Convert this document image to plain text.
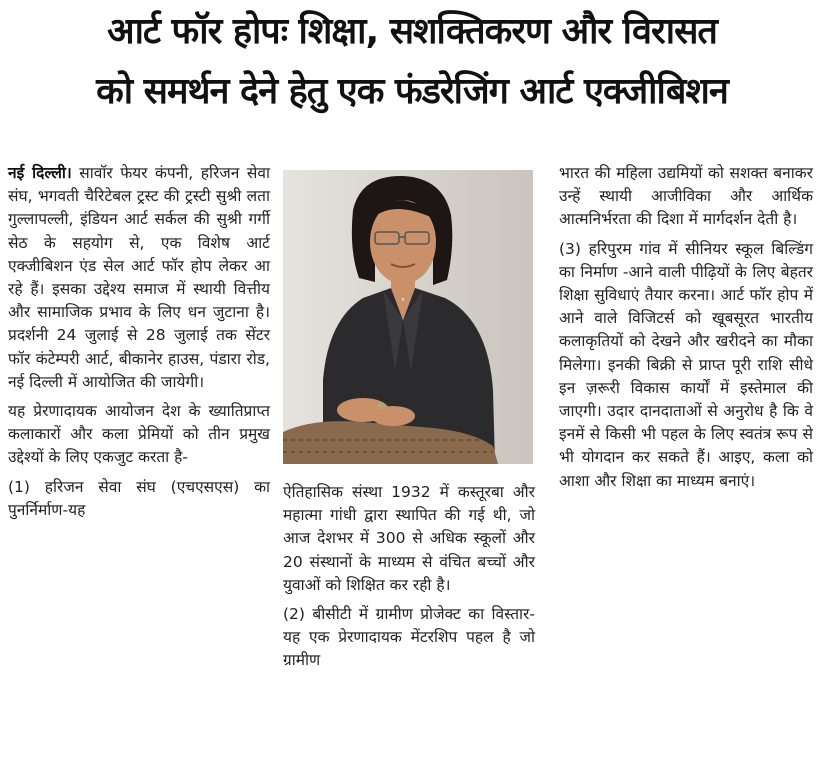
आर्ट फॉर होपः शिक्षा, सशक्तिकरण और विरासत
को समर्थन देने हेतु एक फंडरेजिंग आर्ट एक्जीबिशन

नई दिल्ली। सावॉर फेयर कंपनी, हरिजन सेवा संघ, भगवती चैरिटेबल ट्रस्ट की ट्रस्टी सुश्री लता गुल्लापल्ली, इंडियन आर्ट सर्कल की सुश्री गर्गी सेठ के सहयोग से, एक विशेष आर्ट एक्जीबिशन एंड सेल आर्ट फॉर होप लेकर आ रहे हैं। इसका उद्देश्य समाज में स्थायी वित्तीय और सामाजिक प्रभाव के लिए धन जुटाना है। प्रदर्शनी 24 जुलाई से 28 जुलाई तक सेंटर फॉर कंटेम्परी आर्ट, बीकानेर हाउस, पंडारा रोड, नई दिल्ली में आयोजित की जायेगी।

यह प्रेरणादायक आयोजन देश के ख्यातिप्राप्त कलाकारों और कला प्रेमियों को तीन प्रमुख उद्देश्यों के लिए एकजुट करता है-

(1) हरिजन सेवा संघ (एचएसएस) का पुनर्निर्माण-यह

ऐतिहासिक संस्था 1932 में कस्तूरबा और महात्मा गांधी द्वारा स्थापित की गई थी, जो आज देशभर में 300 से अधिक स्कूलों और 20 संस्थानों के माध्यम से वंचित बच्चों और युवाओं को शिक्षित कर रही है।

(2) बीसीटी में ग्रामीण प्रोजेक्ट का विस्तार-यह एक प्रेरणादायक मेंटरशिप पहल है जो ग्रामीण

भारत की महिला उद्यमियों को सशक्त बनाकर उन्हें स्थायी आजीविका और आर्थिक आत्मनिर्भरता की दिशा में मार्गदर्शन देती है।

(3) हरिपुरम गांव में सीनियर स्कूल बिल्डिंग का निर्माण -आने वाली पीढ़ियों के लिए बेहतर शिक्षा सुविधाएं तैयार करना। आर्ट फॉर होप में आने वाले विजिटर्स को खूबसूरत भारतीय कलाकृतियों को देखने और खरीदने का मौका मिलेगा। इनकी बिक्री से प्राप्त पूरी राशि सीधे इन ज़रूरी विकास कार्यों में इस्तेमाल की जाएगी। उदार दानदाताओं से अनुरोध है कि वे इनमें से किसी भी पहल के लिए स्वतंत्र रूप से भी योगदान कर सकते हैं। आइए, कला को आशा और शिक्षा का माध्यम बनाएं।
